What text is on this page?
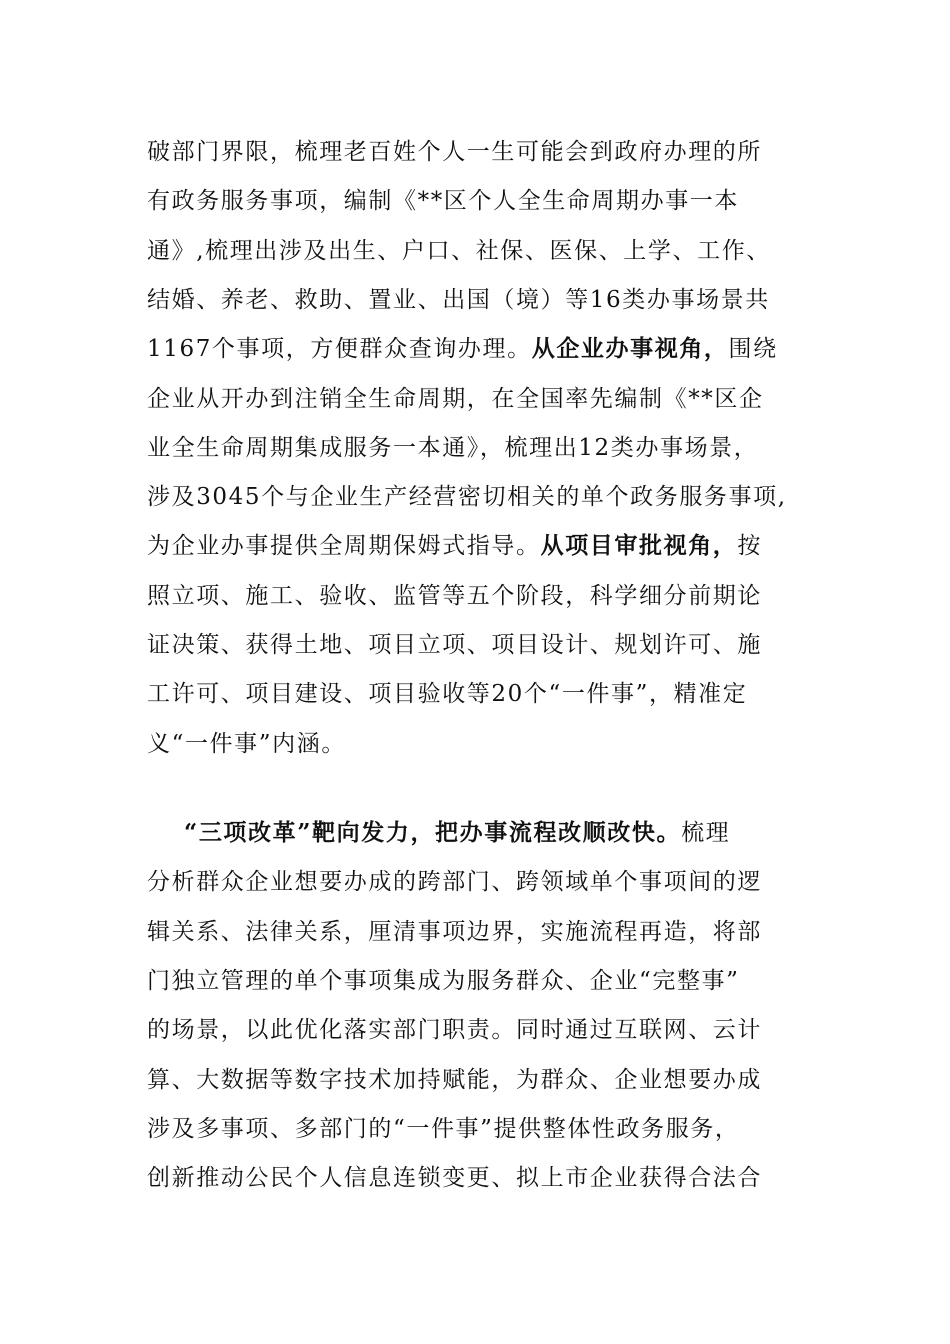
破部门界限，梳理老百姓个人一生可能会到政府办理的所
有政务服务事项，编制《**区个人全生命周期办事一本
通》,梳理出涉及出生、户口、社保、医保、上学、工作、
结婚、养老、救助、置业、出国（境）等16类办事场景共
1167个事项，方便群众查询办理。从企业办事视角，围绕
企业从开办到注销全生命周期，在全国率先编制《**区企
业全生命周期集成服务一本通》，梳理出12类办事场景，
涉及3045个与企业生产经营密切相关的单个政务服务事项,
为企业办事提供全周期保姆式指导。从项目审批视角，按
照立项、施工、验收、监管等五个阶段，科学细分前期论
证决策、获得土地、项目立项、项目设计、规划许可、施
工许可、项目建设、项目验收等20个“一件事”，精准定
义“一件事”内涵。
“三项改革”靶向发力，把办事流程改顺改快。梳理
分析群众企业想要办成的跨部门、跨领域单个事项间的逻
辑关系、法律关系，厘清事项边界，实施流程再造，将部
门独立管理的单个事项集成为服务群众、企业“完整事”
的场景，以此优化落实部门职责。同时通过互联网、云计
算、大数据等数字技术加持赋能，为群众、企业想要办成
涉及多事项、多部门的“一件事”提供整体性政务服务，
创新推动公民个人信息连锁变更、拟上市企业获得合法合
